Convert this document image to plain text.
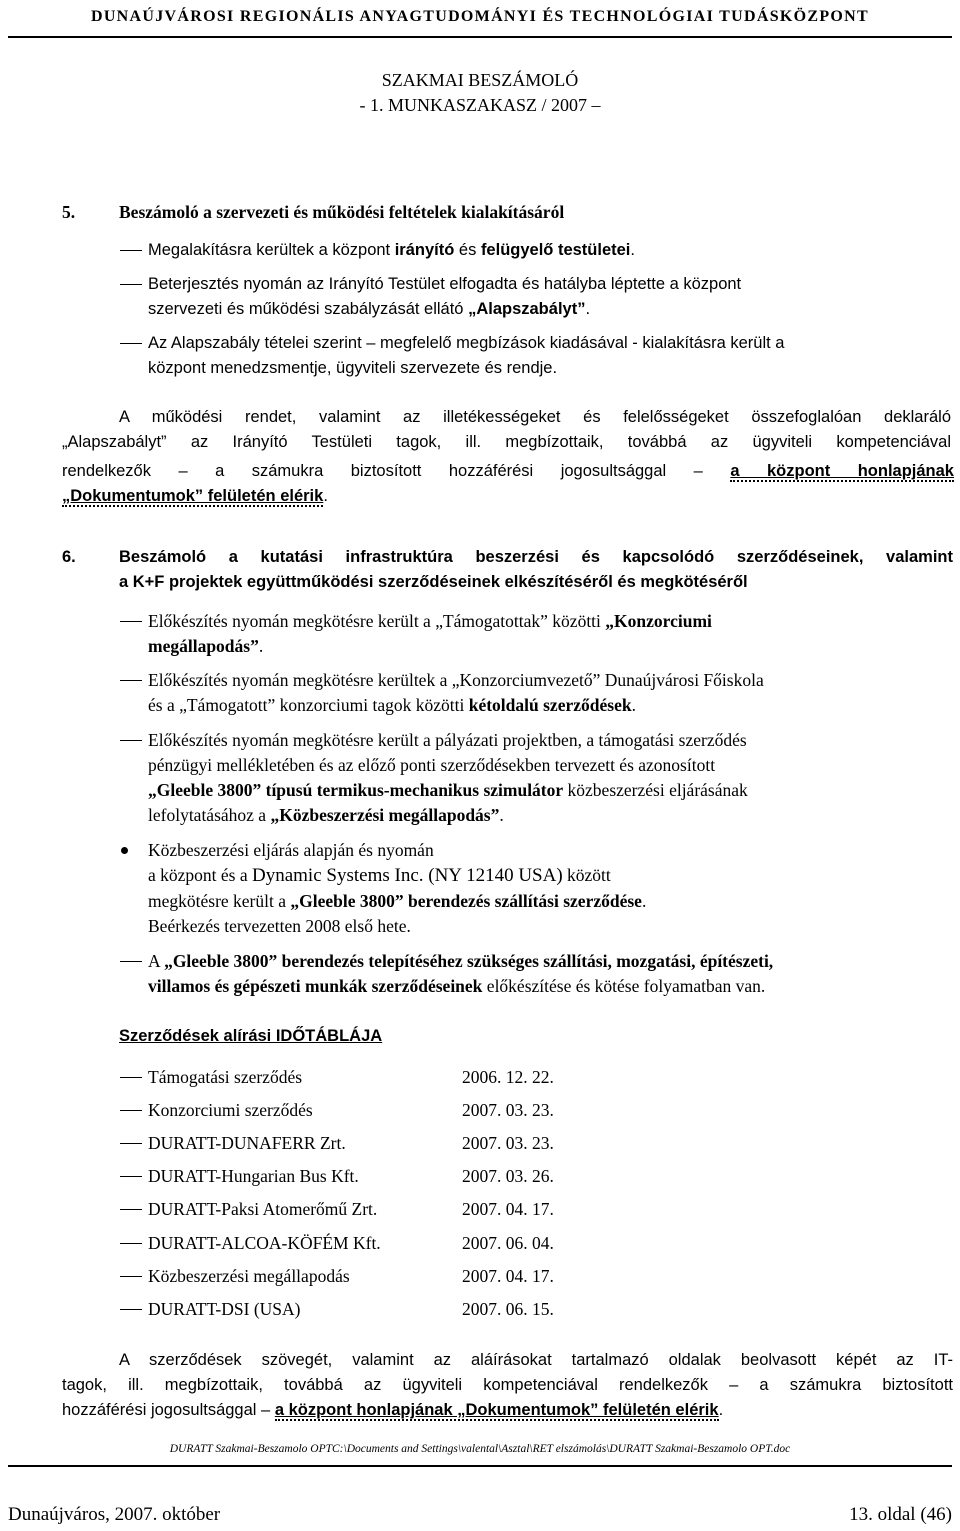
DUNAÚJVÁROSI REGIONÁLIS ANYAGTUDOMÁNYI ÉS TECHNOLÓGIAI TUDÁSKÖZPONT
SZAKMAI BESZÁMOLÓ
- 1. MUNKASZAKASZ / 2007 –
5.	Beszámoló a szervezeti és működési feltételek kialakításáról
Megalakításra kerültek a központ irányító és felügyelő testületei.
Beterjesztés nyomán az Irányító Testület elfogadta és hatályba léptette a központ
szervezeti és működési szabályzását ellátó „Alapszabályt”.
Az Alapszabály tételei szerint – megfelelő megbízások kiadásával - kialakításra került a
központ menedzsmentje, ügyviteli szervezete és rendje.
A működési rendet, valamint az illetékességeket és felelősségeket összefoglalóan deklaráló
„Alapszabályt” az Irányító Testületi tagok, ill. megbízottaik, továbbá az ügyviteli kompetenciával
rendelkezők – a számukra biztosított hozzáférési jogosultsággal – a központ honlapjának
„Dokumentumok” felületén elérik.
6.	Beszámoló a kutatási infrastruktúra beszerzési és kapcsolódó szerződéseinek, valamint
a K+F projektek együttműködési szerződéseinek elkészítéséről és megkötéséről
Előkészítés nyomán megkötésre került a „Támogatottak” közötti „Konzorciumi
megállapodás”.
Előkészítés nyomán megkötésre kerültek a „Konzorciumvezető” Dunaújvárosi Főiskola
és a „Támogatott” konzorciumi tagok közötti kétoldalú szerződések.
Előkészítés nyomán megkötésre került a pályázati projektben, a támogatási szerződés
pénzügyi mellékletében és az előző ponti szerződésekben tervezett és azonosított
„Gleeble 3800” típusú termikus-mechanikus szimulátor közbeszerzési eljárásának
lefolytatásához a „Közbeszerzési megállapodás”.
Közbeszerzési eljárás alapján és nyomán
a központ és a Dynamic Systems Inc. (NY 12140 USA) között
megkötésre került a „Gleeble 3800” berendezés szállítási szerződése.
Beérkezés tervezetten 2008 első hete.
A „Gleeble 3800” berendezés telepítéséhez szükséges szállítási, mozgatási, építészeti,
villamos és gépészeti munkák szerződéseinek előkészítése és kötése folyamatban van.
Szerződések alírási IDŐTÁBLÁJA
Támogatási szerződés	2006. 12. 22.
Konzorciumi szerződés	2007. 03. 23.
DURATT-DUNAFERR Zrt.	2007. 03. 23.
DURATT-Hungarian Bus Kft.	2007. 03. 26.
DURATT-Paksi Atomerőmű Zrt.	2007. 04. 17.
DURATT-ALCOA-KÖFÉM Kft.	2007. 06. 04.
Közbeszerzési megállapodás	2007. 04. 17.
DURATT-DSI (USA)	2007. 06. 15.
A szerződések szövegét, valamint az aláírásokat tartalmazó oldalak beolvasott képét az IT-
tagok, ill. megbízottaik, továbbá az ügyviteli kompetenciával rendelkezők – a számukra biztosított
hozzáférési jogosultsággal – a központ honlapjának „Dokumentumok” felületén elérik.
DURATT Szakmai-Beszamolo OPTC:\Documents and Settings\valental\Asztal\RET elszámolás\DURATT Szakmai-Beszamolo OPT.doc
Dunaújváros, 2007. október	13. oldal (46)
